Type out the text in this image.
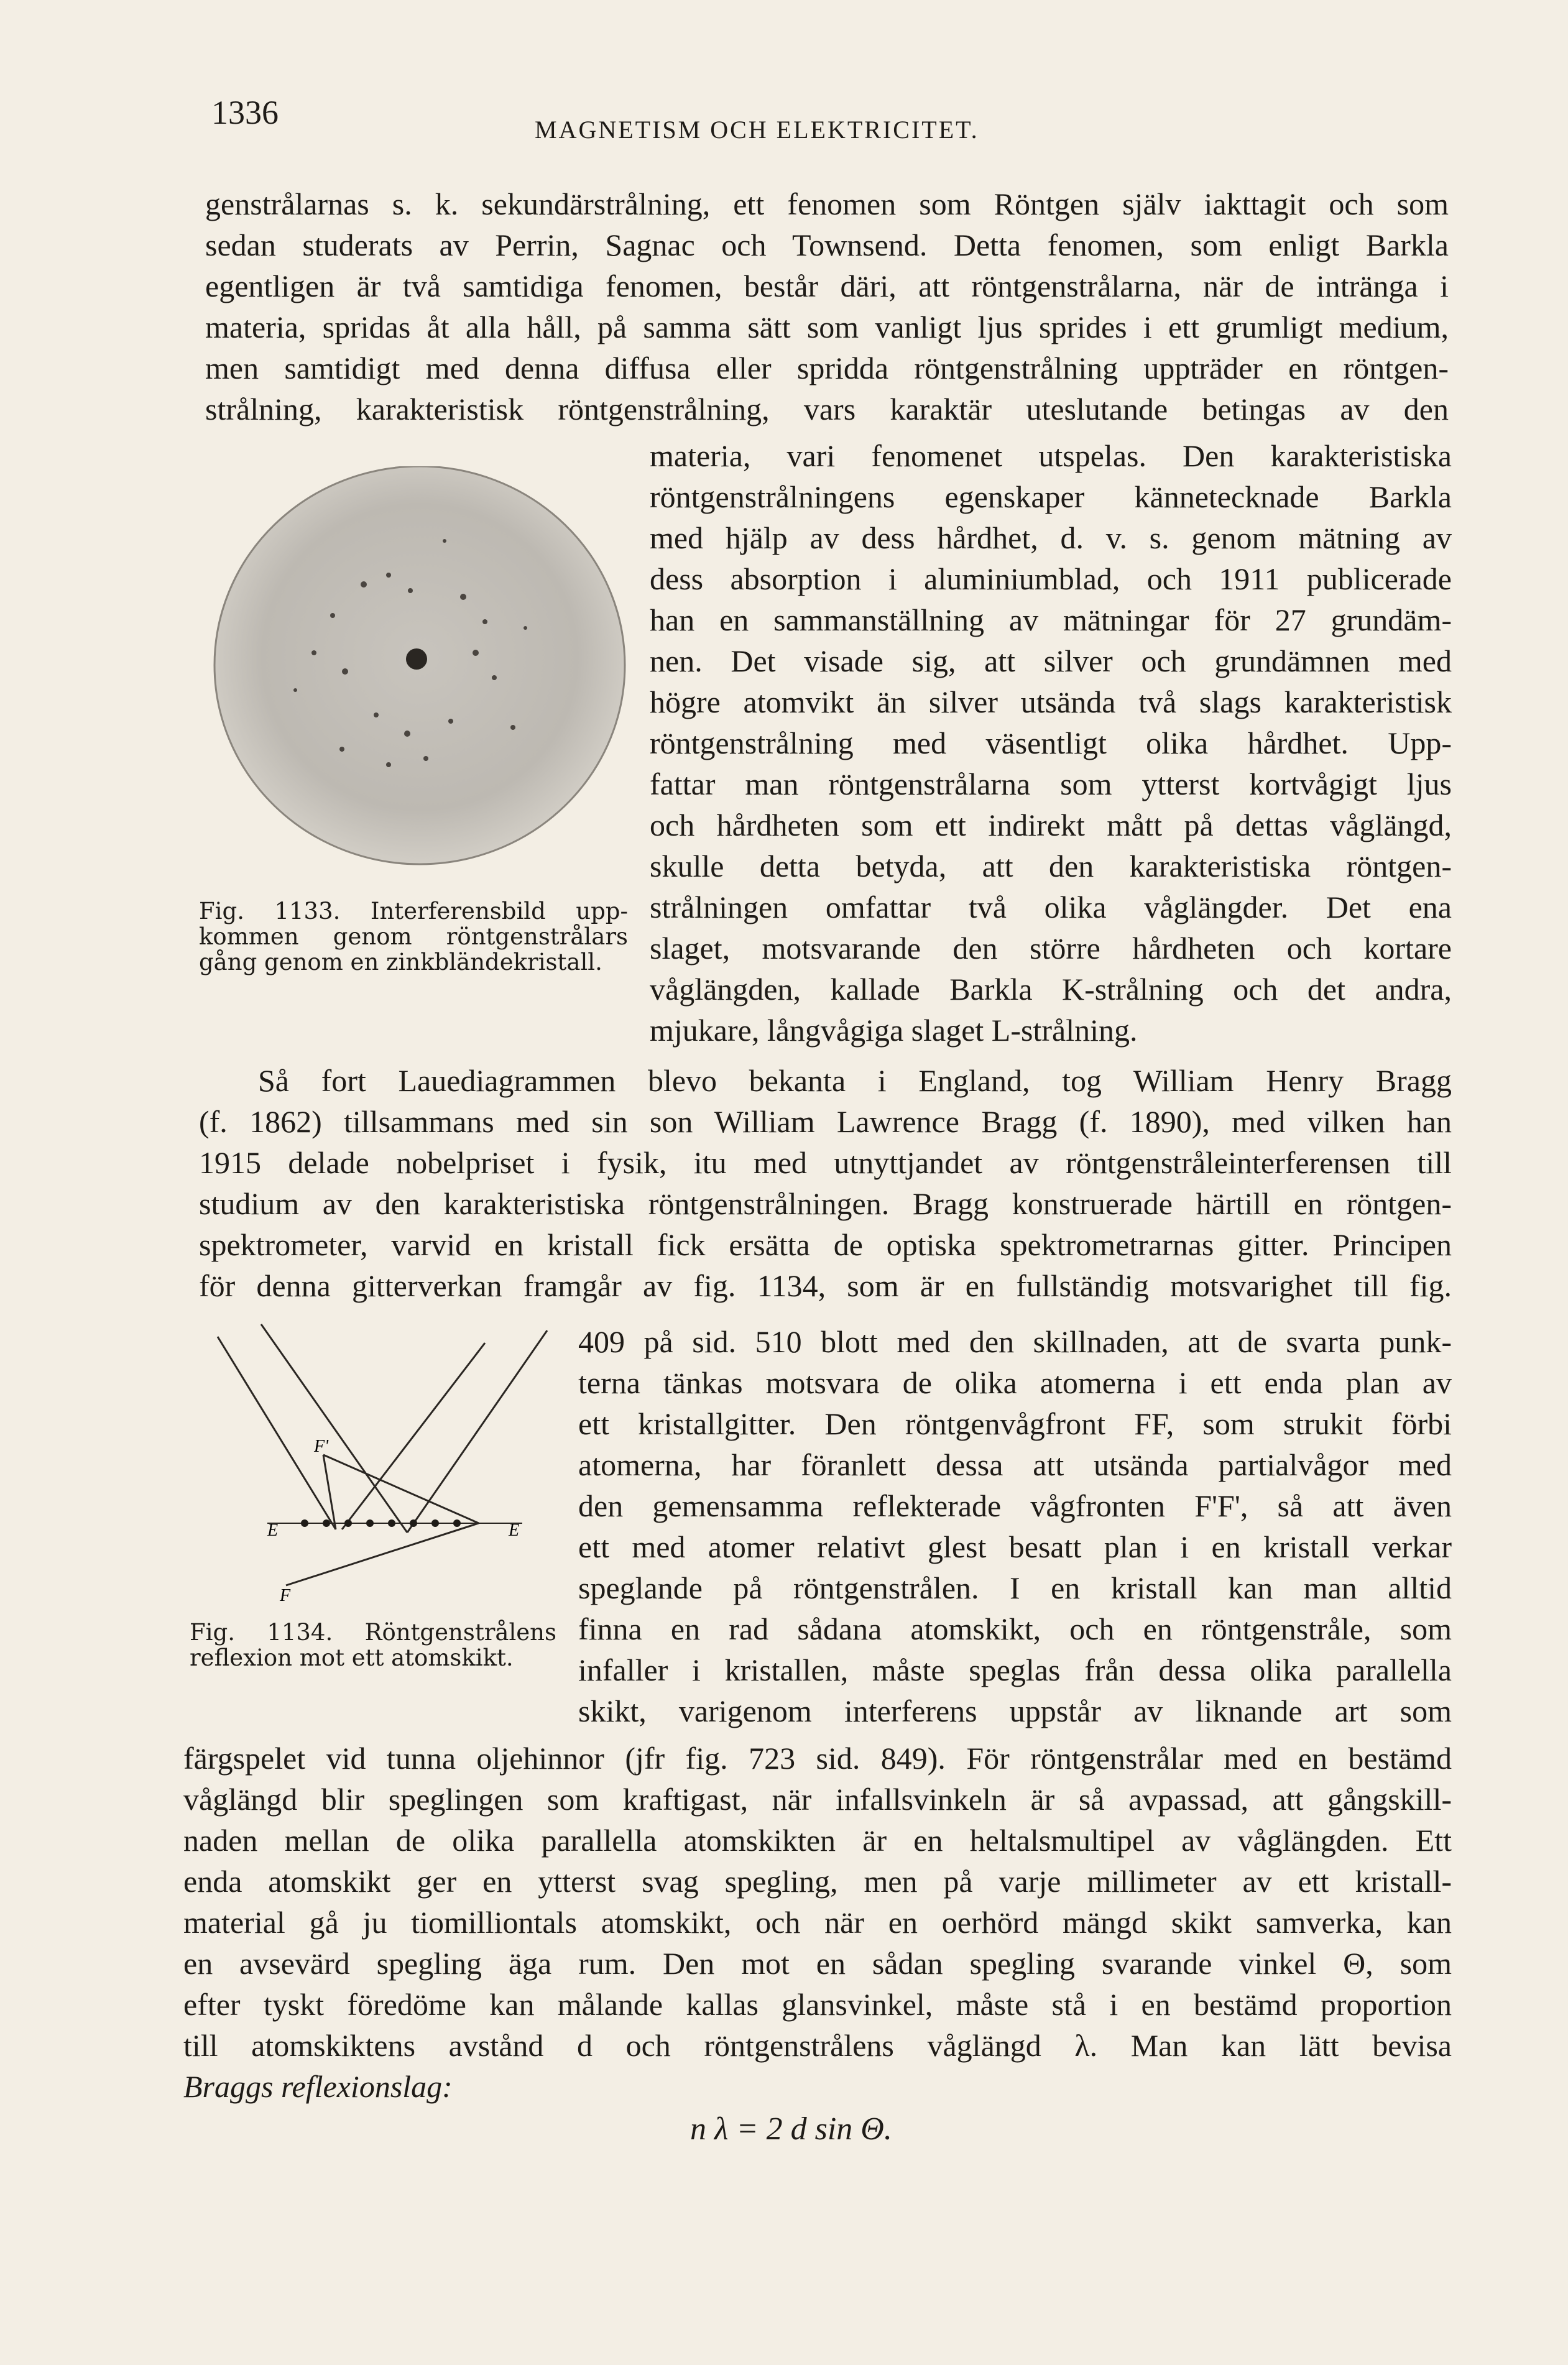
1336	MAGNETISM OCH ELEKTRICITET.
genstrålarnas s. k. sekundärstrålning, ett fenomen som Röntgen själv iakttagit och som
sedan studerats av Perrin, Sagnac och Townsend. Detta fenomen, som enligt Barkla
egentligen är två samtidiga fenomen, består däri, att röntgenstrålarna, när de intränga i
materia, spridas åt alla håll, på samma sätt som vanligt ljus sprides i ett grumligt medium,
men samtidigt med denna diffusa eller spridda röntgenstrålning uppträder en röntgen-
strålning, karakteristisk röntgenstrålning, vars karaktär uteslutande betingas av den
materia, vari fenomenet utspelas. Den karakteristiska
röntgenstrålningens egenskaper kännetecknade Barkla
med hjälp av dess hårdhet, d. v. s. genom mätning av
dess absorption i aluminiumblad, och 1911 publicerade
han en sammanställning av mätningar för 27 grundäm-
nen. Det visade sig, att silver och grundämnen med
högre atomvikt än silver utsända två slags karakteristisk
röntgenstrålning med väsentligt olika hårdhet. Upp-
fattar man röntgenstrålarna som ytterst kortvågigt ljus
och hårdheten som ett indirekt mått på dettas våglängd,
skulle detta betyda, att den karakteristiska röntgen-
strålningen omfattar två olika våglängder. Det ena
slaget, motsvarande den större hårdheten och kortare
våglängden, kallade Barkla K-strålning och det andra,
mjukare, långvågiga slaget L-strålning.
Fig. 1133. Interferensbild upp-
kommen genom röntgenstrålars
gång genom en zinkbländekristall.
Så fort Lauediagrammen blevo bekanta i England, tog William Henry Bragg
(f. 1862) tillsammans med sin son William Lawrence Bragg (f. 1890), med vilken han
1915 delade nobelpriset i fysik, itu med utnyttjandet av röntgenstråleinterferensen till
studium av den karakteristiska röntgenstrålningen. Bragg konstruerade härtill en röntgen-
spektrometer, varvid en kristall fick ersätta de optiska spektrometrarnas gitter. Principen
för denna gitterverkan framgår av fig. 1134, som är en fullständig motsvarighet till fig.
E	E
F'
F
409 på sid. 510 blott med den skillnaden, att de svarta punk-
terna tänkas motsvara de olika atomerna i ett enda plan av
ett kristallgitter. Den röntgenvågfront FF, som strukit förbi
atomerna, har föranlett dessa att utsända partialvågor med
den gemensamma reflekterade vågfronten F'F', så att även
ett med atomer relativt glest besatt plan i en kristall verkar
speglande på röntgenstrålen. I en kristall kan man alltid
finna en rad sådana atomskikt, och en röntgenstråle, som
infaller i kristallen, måste speglas från dessa olika parallella
skikt, varigenom interferens uppstår av liknande art som
Fig. 1134. Röntgenstrålens
reflexion mot ett atomskikt.
färgspelet vid tunna oljehinnor (jfr fig. 723 sid. 849). För röntgenstrålar med en bestämd
våglängd blir speglingen som kraftigast, när infallsvinkeln är så avpassad, att gångskill-
naden mellan de olika parallella atomskikten är en heltalsmultipel av våglängden. Ett
enda atomskikt ger en ytterst svag spegling, men på varje millimeter av ett kristall-
material gå ju tiomilliontals atomskikt, och när en oerhörd mängd skikt samverka, kan
en avsevärd spegling äga rum. Den mot en sådan spegling svarande vinkel Θ, som
efter tyskt föredöme kan målande kallas glansvinkel, måste stå i en bestämd proportion
till atomskiktens avstånd d och röntgenstrålens våglängd λ. Man kan lätt bevisa
Braggs reflexionslag:
n λ = 2 d sin Θ.
